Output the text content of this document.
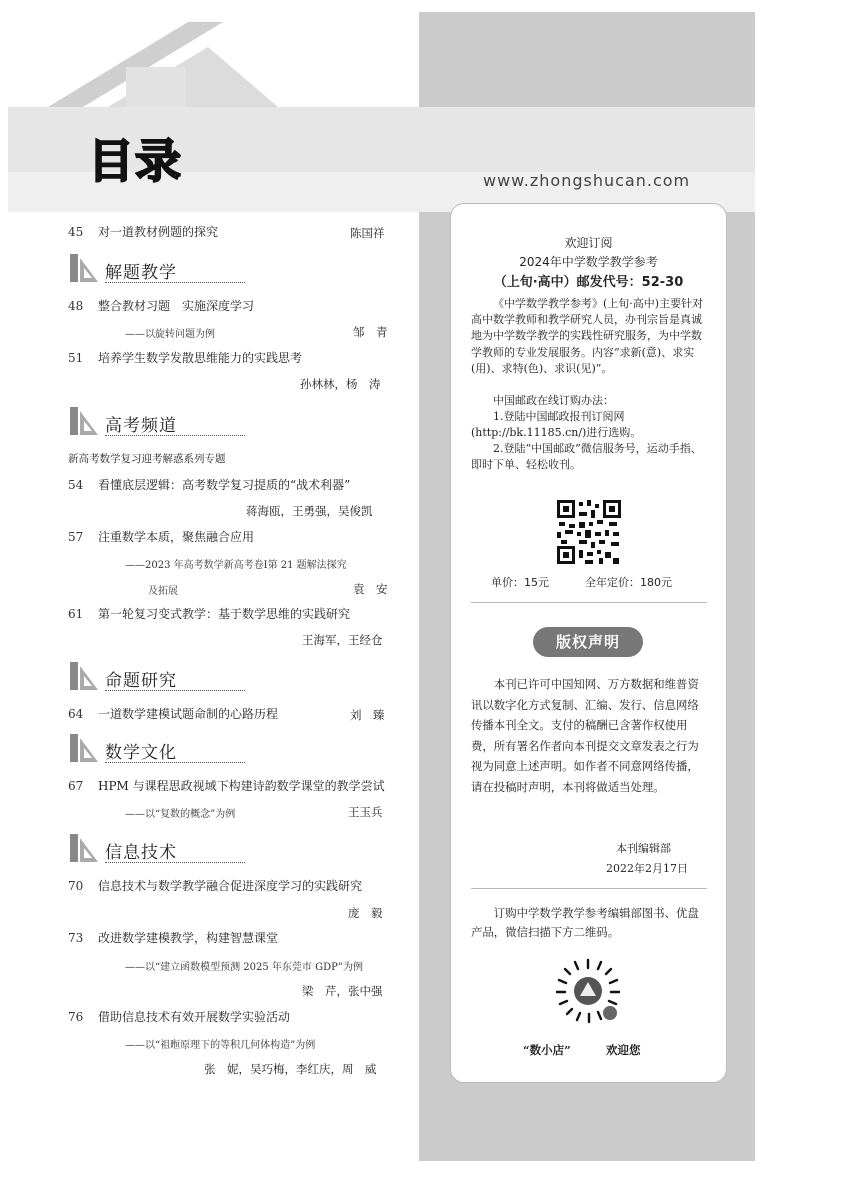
目录	www.zhongshucan.com
45 对一道教材例题的探究	陈国祥
解题教学
48 整合教材习题　实施深度学习
——以旋转问题为例	邹　青
51 培养学生数学发散思维能力的实践思考
孙林林，杨　涛
高考频道
新高考数学复习迎考解惑系列专题
54 看懂底层逻辑：高考数学复习提质的“战术利器”
蒋海瓯，王勇强，吴俊凯
57 注重数学本质，聚焦融合应用
——2023 年高考数学新高考卷Ⅰ第 21 题解法探究
及拓展	袁　安
61 第一轮复习变式教学：基于数学思维的实践研究
王海军，王经仓
命题研究
64 一道数学建模试题命制的心路历程	刘　臻
数学文化
67 HPM 与课程思政视域下构建诗韵数学课堂的教学尝试
——以“复数的概念”为例	王玉兵
信息技术
70 信息技术与数学教学融合促进深度学习的实践研究
庞　毅
73 改进数学建模教学，构建智慧课堂
——以“建立函数模型预测 2025 年东莞市 GDP”为例
梁　芹，张中强
76 借助信息技术有效开展数学实验活动
——以“祖暅原理下的等积几何体构造”为例
张　妮，吴巧梅，李红庆，周　威
欢迎订阅
2024年中学数学教学参考
（上旬·高中）邮发代号：52-30
《中学数学教学参考》(上旬·高中)主要针对高中数学教师和教学研究人员，办刊宗旨是真诚地为中学数学教学的实践性研究服务，为中学数学教师的专业发展服务。内容“求新(意)、求实(用)、求特(色)、求识(见)”。
中国邮政在线订购办法：
1.登陆中国邮政报刊订阅网(http://bk.11185.cn/)进行选购。
2.登陆“中国邮政”微信服务号，运动手指、即时下单、轻松收刊。
单价：15元	全年定价：180元
版权声明
本刊已许可中国知网、万方数据和维普资讯以数字化方式复制、汇编、发行、信息网络传播本刊全文。支付的稿酬已含著作权使用费，所有署名作者向本刊提交文章发表之行为视为同意上述声明。如作者不同意网络传播，请在投稿时声明，本刊将做适当处理。
本刊编辑部
2022年2月17日
订购中学数学教学参考编辑部图书、优盘产品，微信扫描下方二维码。
“数小店”	欢迎您
